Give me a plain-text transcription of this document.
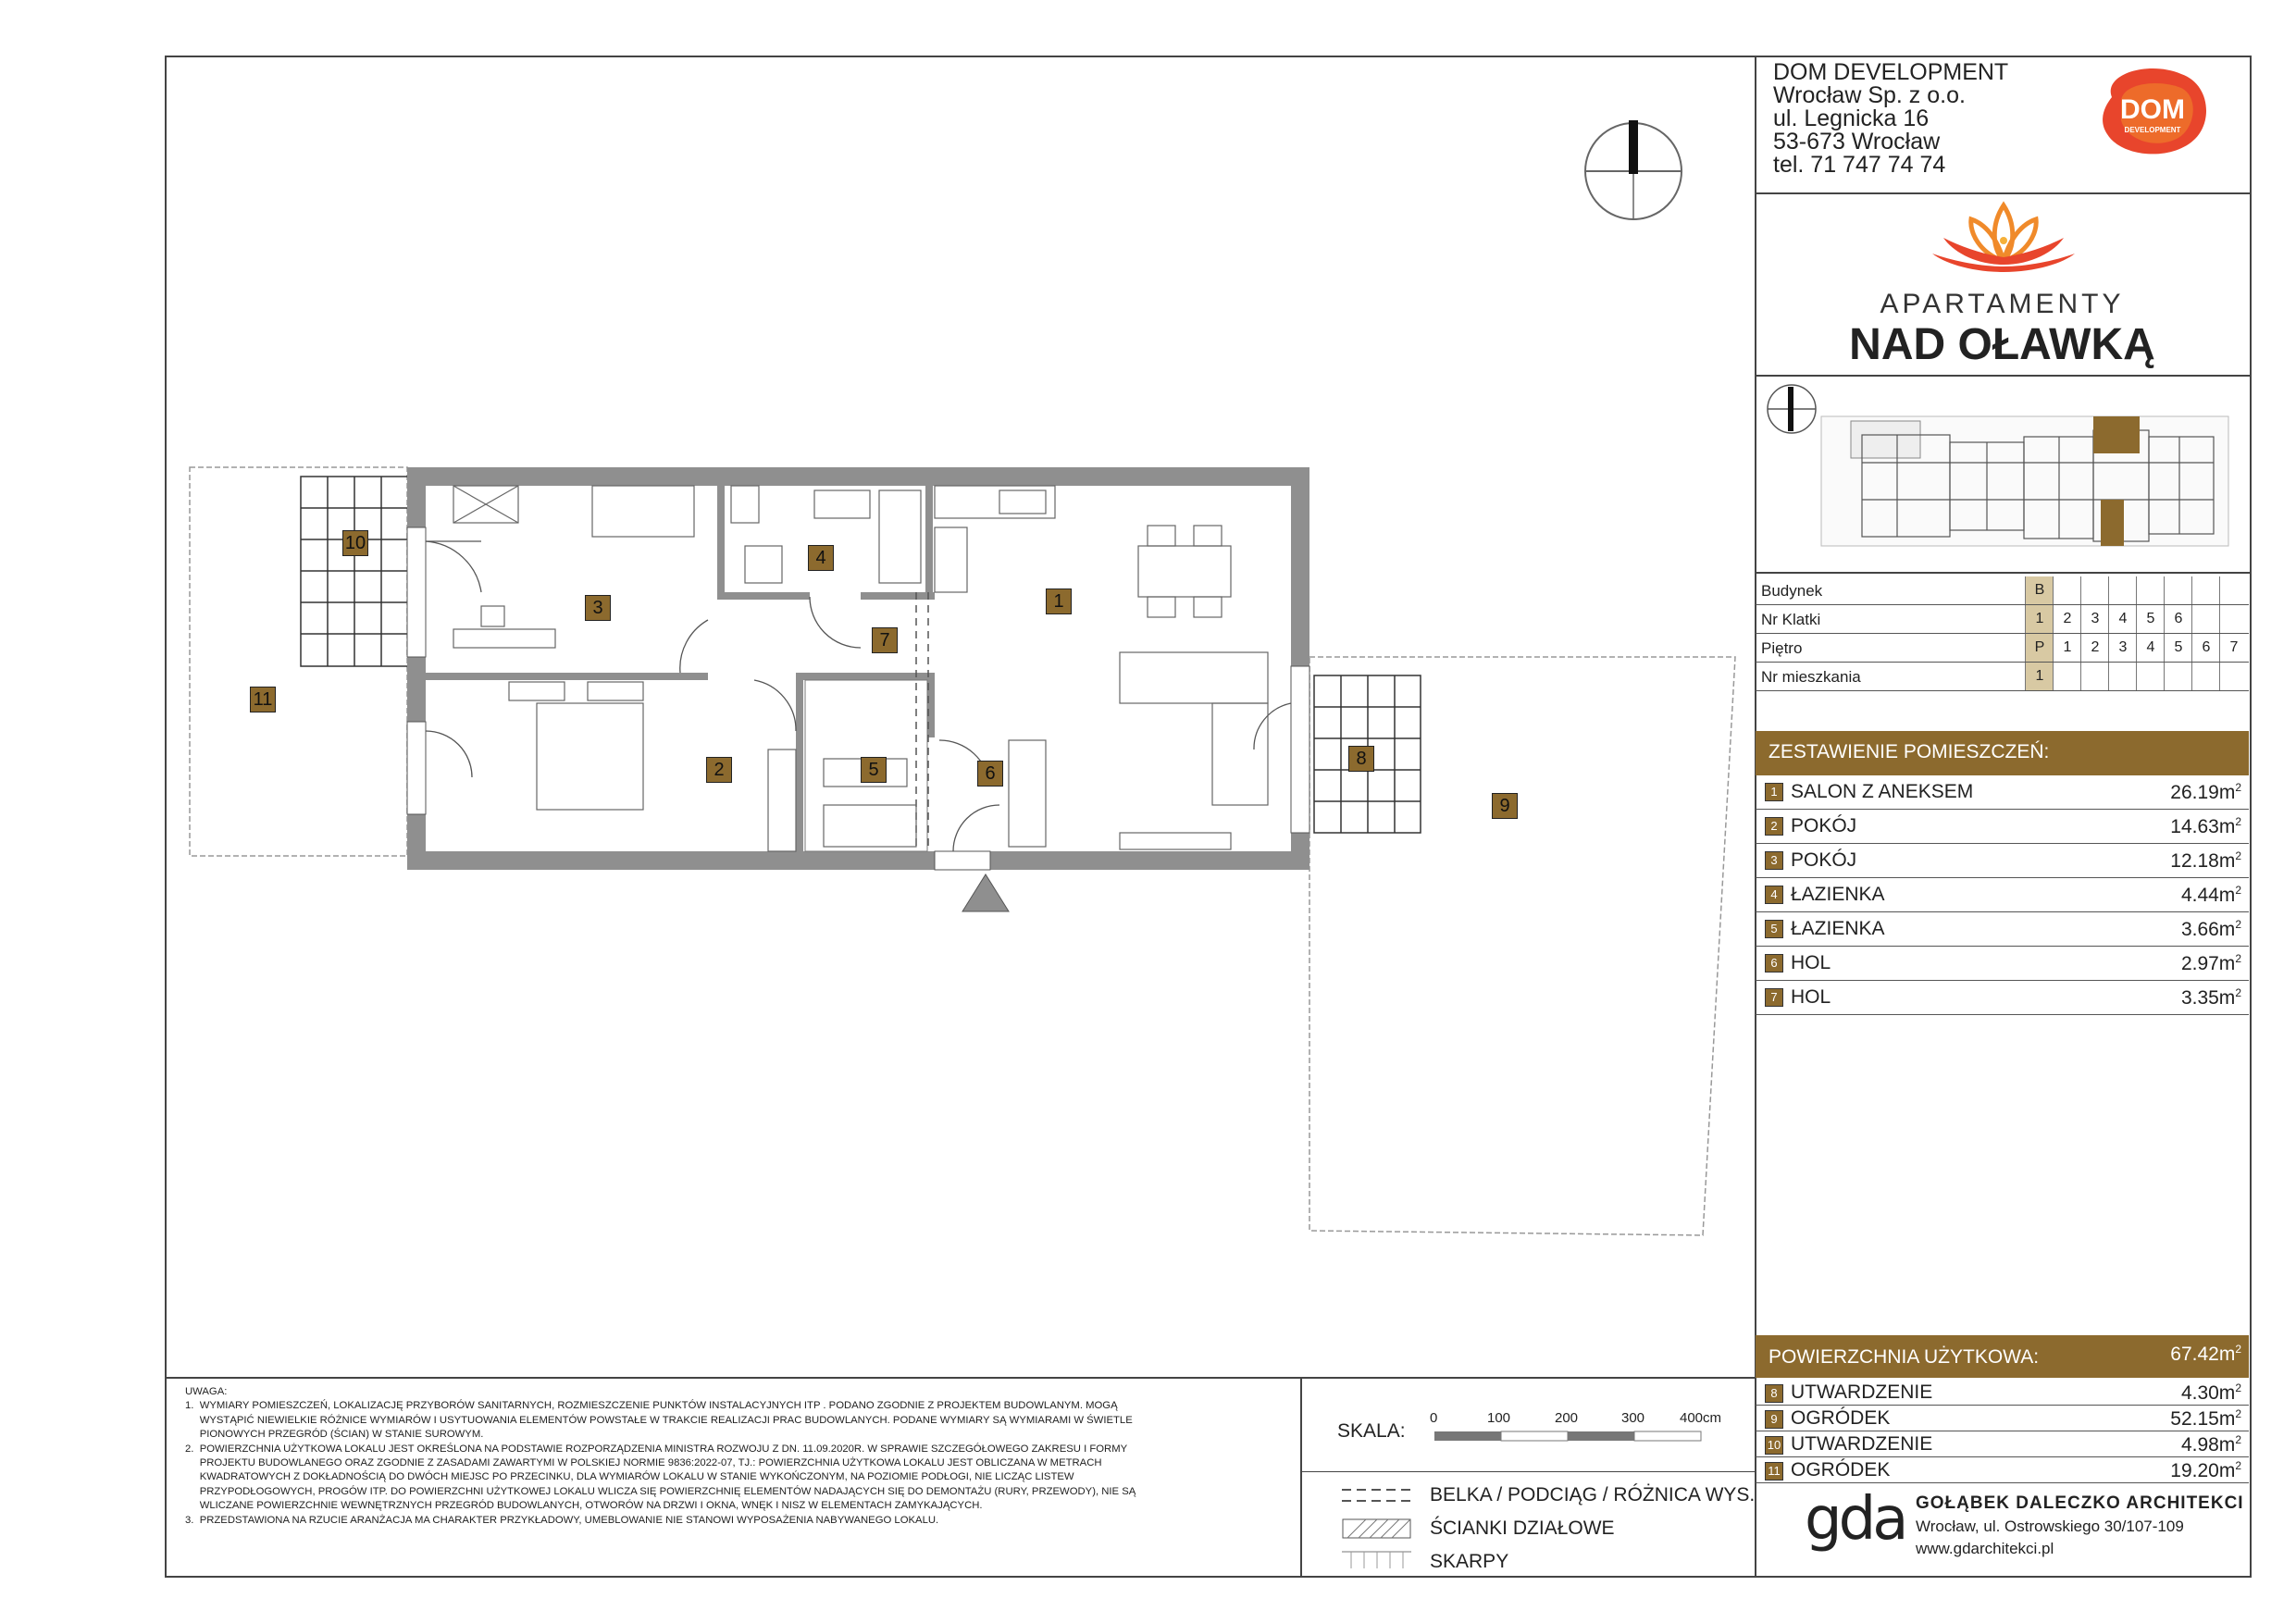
DOM DEVELOPMENT
Wrocław Sp. z o.o.
ul. Legnicka 16
53-673 Wrocław
tel. 71 747 74 74
DOM
DEVELOPMENT
APARTAMENTY
NAD OŁAWKĄ
Budynek	B
Nr Klatki	1	2	3	4	5	6
Piętro	P	1	2	3	4	5	6	7
Nr mieszkania	1
ZESTAWIENIE POMIESZCZEŃ:
1 SALON Z ANEKSEM	$26.19m^2$
2 POKÓJ	$14.63m^2$
3 POKÓJ	$12.18m^2$
4 ŁAZIENKA	$4.44m^2$
5 ŁAZIENKA	$3.66m^2$
6 HOL	$2.97m^2$
7 HOL	$3.35m^2$
POWIERZCHNIA UŻYTKOWA:	$67.42m^2$
8 UTWARDZENIE	$4.30m^2$
9 OGRÓDEK	$52.15m^2$
10 UTWARDZENIE	$4.98m^2$
11 OGRÓDEK	$19.20m^2$
UWAGA:
1.  WYMIARY POMIESZCZEŃ, LOKALIZACJĘ PRZYBORÓW SANITARNYCH, ROZMIESZCZENIE PUNKTÓW INSTALACYJNYCH ITP . PODANO ZGODNIE Z PROJEKTEM BUDOWLANYM. MOGĄ
WYSTĄPIĆ NIEWIELKIE RÓŻNICE WYMIARÓW I USYTUOWANIA ELEMENTÓW POWSTAŁE W TRAKCIE REALIZACJI PRAC BUDOWLANYCH. PODANE WYMIARY SĄ WYMIARAMI W ŚWIETLE
PIONOWYCH PRZEGRÓD (ŚCIAN) W STANIE SUROWYM.
2.  POWIERZCHNIA UŻYTKOWA LOKALU JEST OKREŚLONA NA PODSTAWIE ROZPORZĄDZENIA MINISTRA ROZWOJU Z DN. 11.09.2020R. W SPRAWIE SZCZEGÓŁOWEGO ZAKRESU I FORMY
PROJEKTU BUDOWLANEGO ORAZ ZGODNIE Z ZASADAMI ZAWARTYMI W POLSKIEJ NORMIE 9836:2022-07, TJ.: POWIERZCHNIA UŻYTKOWA LOKALU JEST OBLICZANA W METRACH
KWADRATOWYCH Z DOKŁADNOŚCIĄ DO DWÓCH MIEJSC PO PRZECINKU, DLA WYMIARÓW LOKALU W STANIE WYKOŃCZONYM, NA POZIOMIE PODŁOGI, NIE LICZĄC LISTEW
PRZYPODŁOGOWYCH, PROGÓW ITP. DO POWIERZCHNI UŻYTKOWEJ LOKALU WLICZA SIĘ POWIERZCHNIĘ ELEMENTÓW NADAJĄCYCH SIĘ DO DEMONTAŻU (RURY, PRZEWODY), NIE SĄ
WLICZANE POWIERZCHNIE WEWNĘTRZNYCH PRZEGRÓD BUDOWLANYCH, OTWORÓW NA DRZWI I OKNA, WNĘK I NISZ W ELEMENTACH ZAMYKAJĄCYCH.
3.  PRZEDSTAWIONA NA RZUCIE ARANŻACJA MA CHARAKTER PRZYKŁADOWY, UMEBLOWANIE NIE STANOWI WYPOSAŻENIA NABYWANEGO LOKALU.
SKALA:
0	100	200	300	400cm
BELKA / PODCIĄG / RÓŻNICA WYS.
ŚCIANKI DZIAŁOWE
SKARPY
gda GOŁĄBEK DALECZKO ARCHITEKCI
Wrocław, ul. Ostrowskiego 30/107-109
www.gdarchitekci.pl
1
2
3
4
5	6
7
8
9
10
11
